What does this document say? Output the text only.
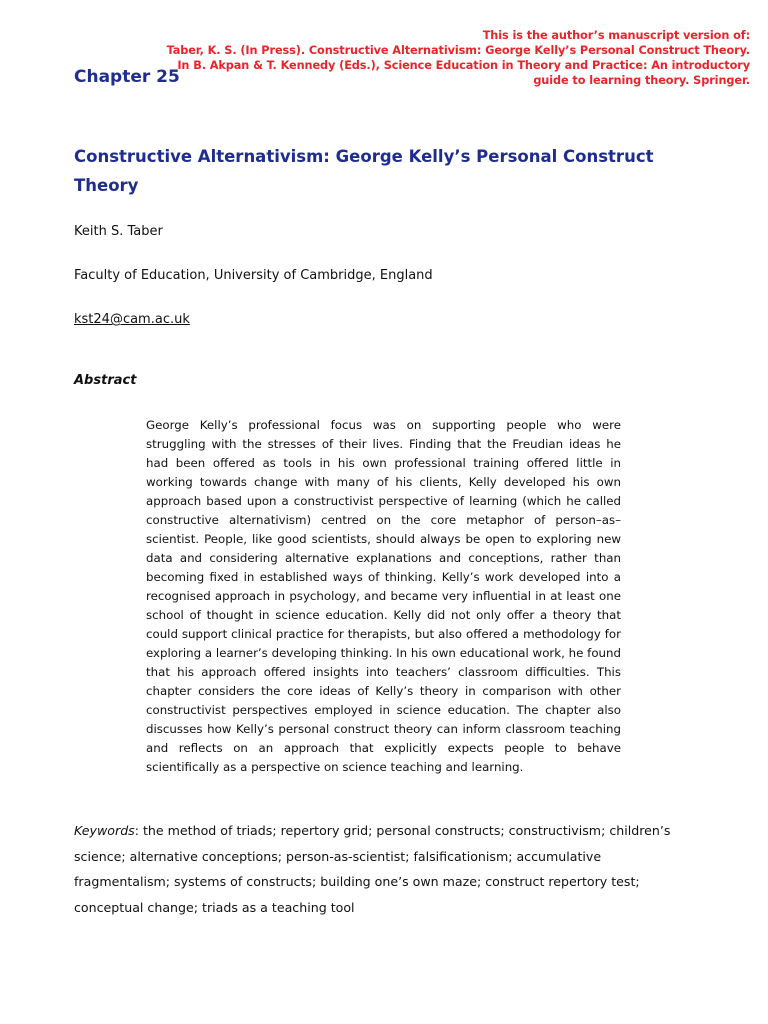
This is the author’s manuscript version of:
Taber, K. S. (In Press). Constructive Alternativism: George Kelly’s Personal Construct Theory.
In B. Akpan & T. Kennedy (Eds.), Science Education in Theory and Practice: An introductory
guide to learning theory. Springer.
Chapter 25
Constructive Alternativism: George Kelly’s Personal Construct Theory
Keith S. Taber
Faculty of Education, University of Cambridge, England
kst24@cam.ac.uk
Abstract
George Kelly’s professional focus was on supporting people who were struggling with the stresses of their lives. Finding that the Freudian ideas he had been offered as tools in his own professional training offered little in working towards change with many of his clients, Kelly developed his own approach based upon a constructivist perspective of learning (which he called constructive alternativism) centred on the core metaphor of person–as–scientist. People, like good scientists, should always be open to exploring new data and considering alternative explanations and conceptions, rather than becoming fixed in established ways of thinking. Kelly’s work developed into a recognised approach in psychology, and became very influential in at least one school of thought in science education. Kelly did not only offer a theory that could support clinical practice for therapists, but also offered a methodology for exploring a learner’s developing thinking. In his own educational work, he found that his approach offered insights into teachers’ classroom difficulties. This chapter considers the core ideas of Kelly’s theory in comparison with other constructivist perspectives employed in science education. The chapter also discusses how Kelly’s personal construct theory can inform classroom teaching and reflects on an approach that explicitly expects people to behave scientifically as a perspective on science teaching and learning.
Keywords: the method of triads; repertory grid; personal constructs; constructivism; children’s science; alternative conceptions; person-as-scientist; falsificationism; accumulative fragmentalism; systems of constructs; building one’s own maze; construct repertory test; conceptual change; triads as a teaching tool
